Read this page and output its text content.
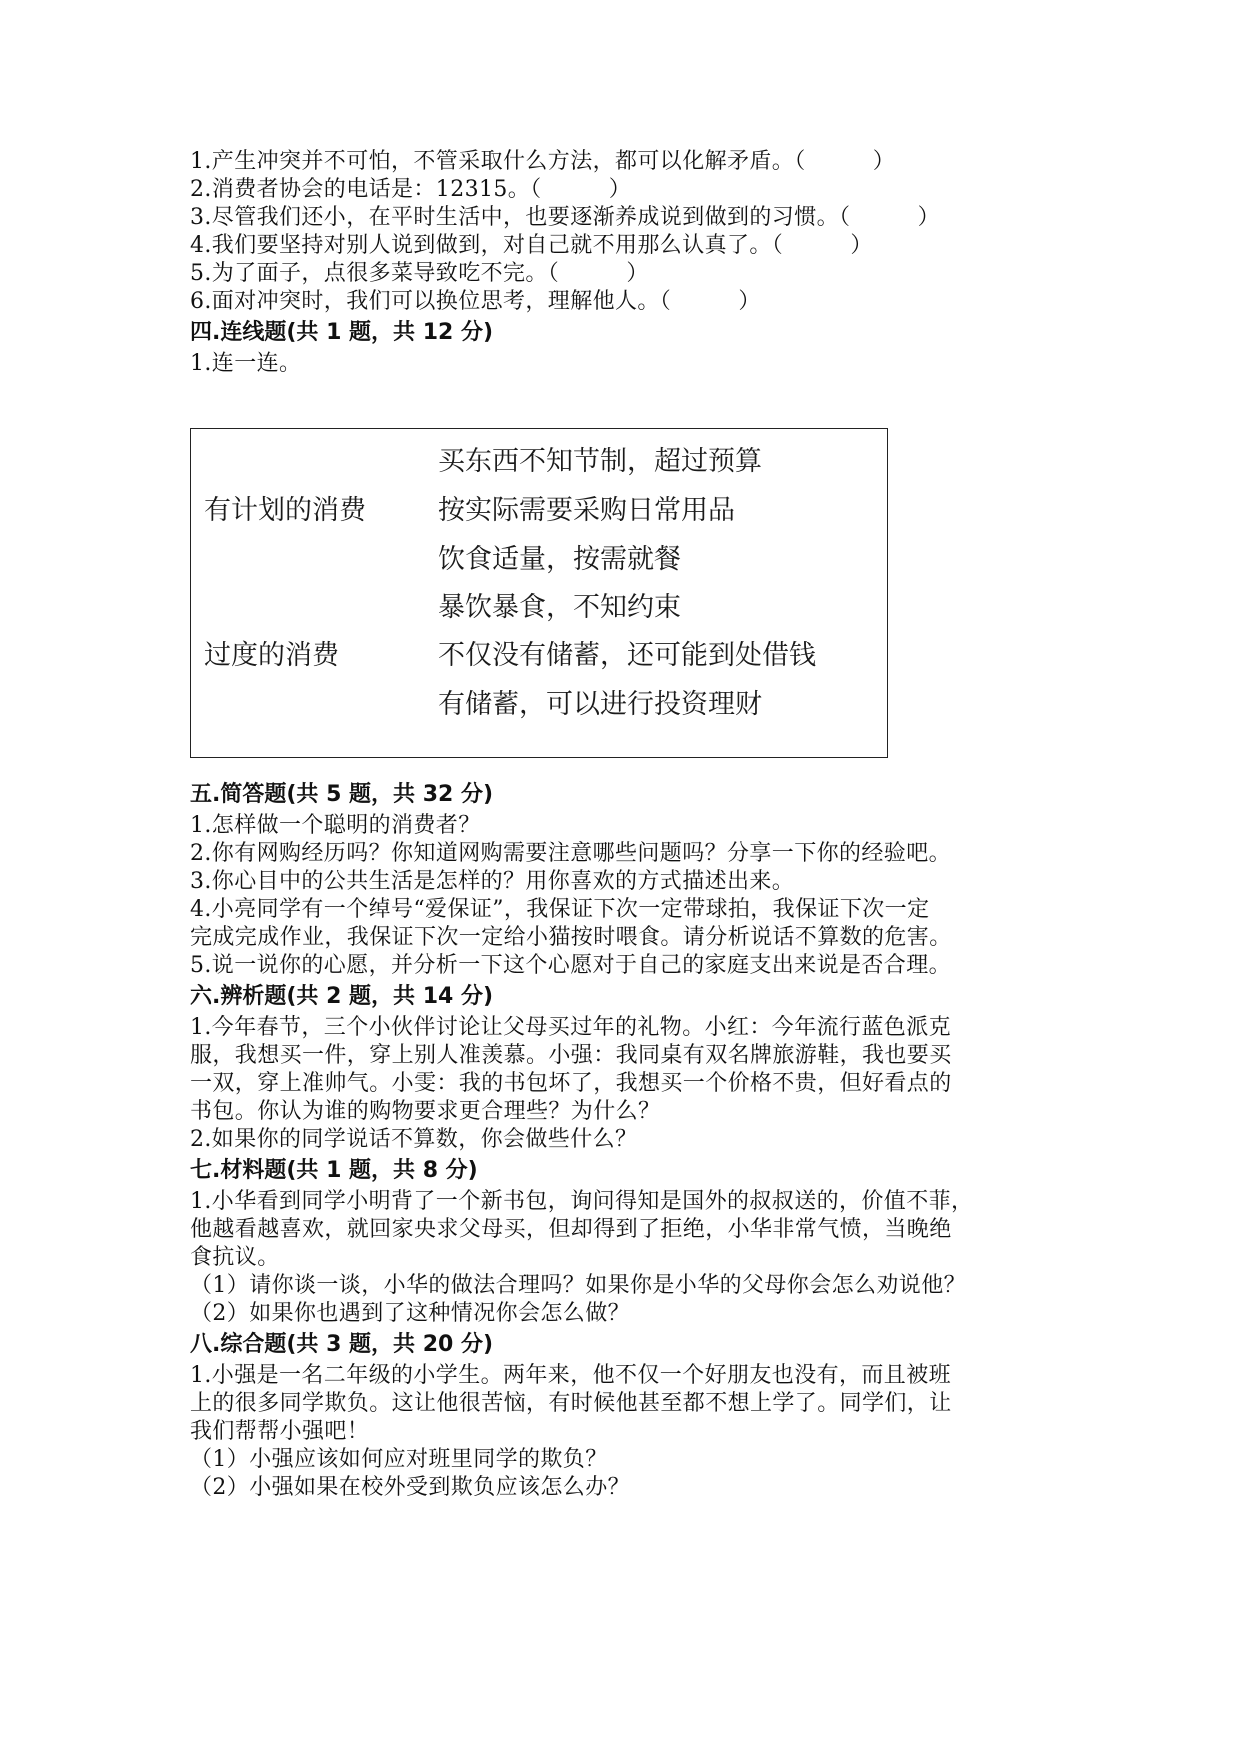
1.产生冲突并不可怕，不管采取什么方法，都可以化解矛盾。（　　　）
2.消费者协会的电话是：12315。（　　　）
3.尽管我们还小，在平时生活中，也要逐渐养成说到做到的习惯。（　　　）
4.我们要坚持对别人说到做到，对自己就不用那么认真了。（　　　）
5.为了面子，点很多菜导致吃不完。（　　　）
6.面对冲突时，我们可以换位思考，理解他人。（　　　）
四.连线题(共 1 题，共 12 分)
1.连一连。
有计划的消费
过度的消费
买东西不知节制，超过预算
按实际需要采购日常用品
饮食适量，按需就餐
暴饮暴食，不知约束
不仅没有储蓄，还可能到处借钱
有储蓄，可以进行投资理财
五.简答题(共 5 题，共 32 分)
1.怎样做一个聪明的消费者？
2.你有网购经历吗？你知道网购需要注意哪些问题吗？分享一下你的经验吧。
3.你心目中的公共生活是怎样的？用你喜欢的方式描述出来。
4.小亮同学有一个绰号“爱保证”，我保证下次一定带球拍，我保证下次一定
完成完成作业，我保证下次一定给小猫按时喂食。请分析说话不算数的危害。
5.说一说你的心愿，并分析一下这个心愿对于自己的家庭支出来说是否合理。
六.辨析题(共 2 题，共 14 分)
1.今年春节，三个小伙伴讨论让父母买过年的礼物。小红：今年流行蓝色派克
服，我想买一件，穿上别人准羡慕。小强：我同桌有双名牌旅游鞋，我也要买
一双，穿上准帅气。小雯：我的书包坏了，我想买一个价格不贵，但好看点的
书包。你认为谁的购物要求更合理些？为什么？
2.如果你的同学说话不算数，你会做些什么？
七.材料题(共 1 题，共 8 分)
1.小华看到同学小明背了一个新书包，询问得知是国外的叔叔送的，价值不菲，
他越看越喜欢，就回家央求父母买，但却得到了拒绝，小华非常气愤，当晚绝
食抗议。
（1）请你谈一谈，小华的做法合理吗？如果你是小华的父母你会怎么劝说他？
（2）如果你也遇到了这种情况你会怎么做？
八.综合题(共 3 题，共 20 分)
1.小强是一名二年级的小学生。两年来，他不仅一个好朋友也没有，而且被班
上的很多同学欺负。这让他很苦恼，有时候他甚至都不想上学了。同学们，让
我们帮帮小强吧！
（1）小强应该如何应对班里同学的欺负？
（2）小强如果在校外受到欺负应该怎么办？
